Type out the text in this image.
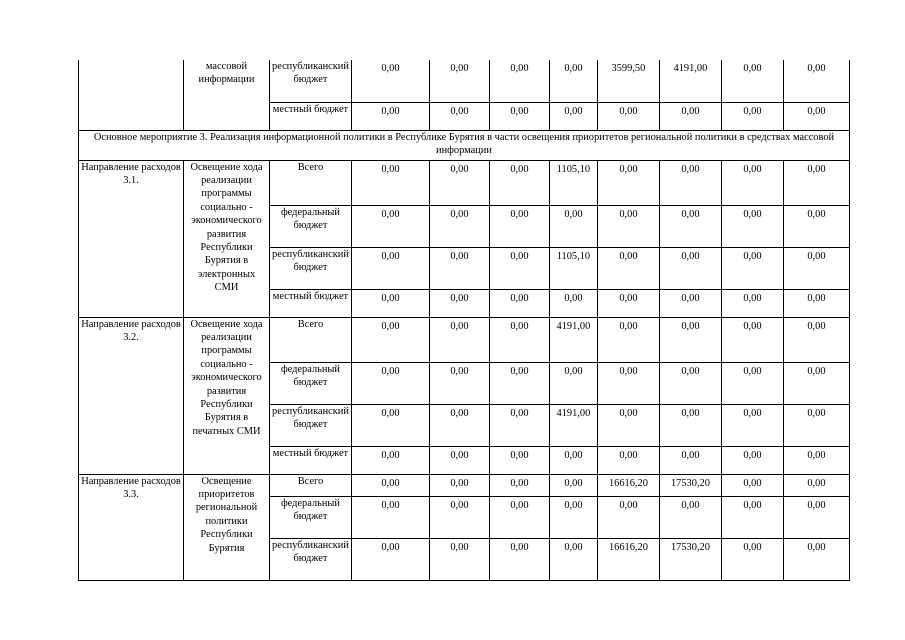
	массовой информации	республиканский бюджет	0,00	0,00	0,00	0,00	3599,50	4191,00	0,00	0,00
		местный бюджет	0,00	0,00	0,00	0,00	0,00	0,00	0,00	0,00
Основное мероприятие 3. Реализация информационной политики в Республике Бурятия в части освещения приоритетов региональной политики в средствах массовой информации										
Направление расходов 3.1.	Освещение хода реализации программы социально - экономического развития Республики Бурятия в электронных СМИ	Всего	0,00	0,00	0,00	1105,10	0,00	0,00	0,00	0,00
		федеральный бюджет	0,00	0,00	0,00	0,00	0,00	0,00	0,00	0,00
		республиканский бюджет	0,00	0,00	0,00	1105,10	0,00	0,00	0,00	0,00
		местный бюджет	0,00	0,00	0,00	0,00	0,00	0,00	0,00	0,00
Направление расходов 3.2.	Освещение хода реализации программы социально - экономического развития Республики Бурятия в печатных СМИ	Всего	0,00	0,00	0,00	4191,00	0,00	0,00	0,00	0,00
		федеральный бюджет	0,00	0,00	0,00	0,00	0,00	0,00	0,00	0,00
		республиканский бюджет	0,00	0,00	0,00	4191,00	0,00	0,00	0,00	0,00
		местный бюджет	0,00	0,00	0,00	0,00	0,00	0,00	0,00	0,00
Направление расходов 3.3.	Освещение приоритетов региональной политики Республики Бурятия	Всего	0,00	0,00	0,00	0,00	16616,20	17530,20	0,00	0,00
		федеральный бюджет	0,00	0,00	0,00	0,00	0,00	0,00	0,00	0,00
		республиканский бюджет	0,00	0,00	0,00	0,00	16616,20	17530,20	0,00	0,00
